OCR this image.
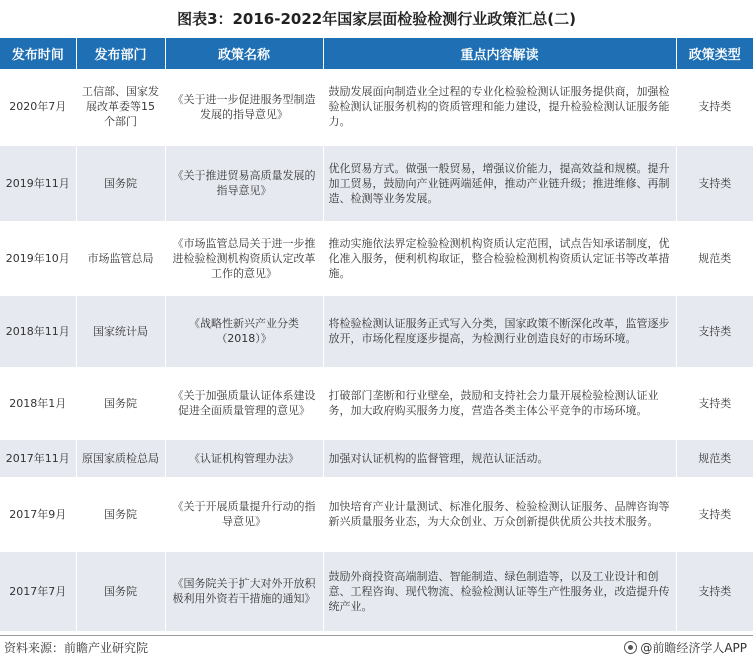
图表3：2016-2022年国家层面检验检测行业政策汇总(二)
发布时间	发布部门	政策名称	重点内容解读	政策类型
2020年7月	工信部、国家发展改革委等15个部门	《关于进一步促进服务型制造发展的指导意见》	鼓励发展面向制造业全过程的专业化检验检测认证服务提供商，加强检验检测认证服务机构的资质管理和能力建设，提升检验检测认证服务能力。	支持类
2019年11月	国务院	《关于推进贸易高质量发展的指导意见》	优化贸易方式。做强一般贸易，增强议价能力，提高效益和规模。提升加工贸易，鼓励向产业链两端延伸，推动产业链升级；推进维修、再制造、检测等业务发展。	支持类
2019年10月	市场监管总局	《市场监管总局关于进一步推进检验检测机构资质认定改革工作的意见》	推动实施依法界定检验检测机构资质认定范围，试点告知承诺制度，优化准入服务，便利机构取证，整合检验检测机构资质认定证书等改革措施。	规范类
2018年11月	国家统计局	《战略性新兴产业分类（2018）》	将检验检测认证服务正式写入分类，国家政策不断深化改革，监管逐步放开，市场化程度逐步提高，为检测行业创造良好的市场环境。	支持类
2018年1月	国务院	《关于加强质量认证体系建设促进全面质量管理的意见》	打破部门垄断和行业壁垒，鼓励和支持社会力量开展检验检测认证业务，加大政府购买服务力度，营造各类主体公平竞争的市场环境。	支持类
2017年11月	原国家质检总局	《认证机构管理办法》	加强对认证机构的监督管理，规范认证活动。	规范类
2017年9月	国务院	《关于开展质量提升行动的指导意见》	加快培育产业计量测试、标准化服务、检验检测认证服务、品牌咨询等新兴质量服务业态，为大众创业、万众创新提供优质公共技术服务。	支持类
2017年7月	国务院	《国务院关于扩大对外开放积极利用外资若干措施的通知》	鼓励外商投资高端制造、智能制造、绿色制造等，以及工业设计和创意、工程咨询、现代物流、检验检测认证等生产性服务业，改造提升传统产业。	支持类
资料来源：前瞻产业研究院	@前瞻经济学人APP
